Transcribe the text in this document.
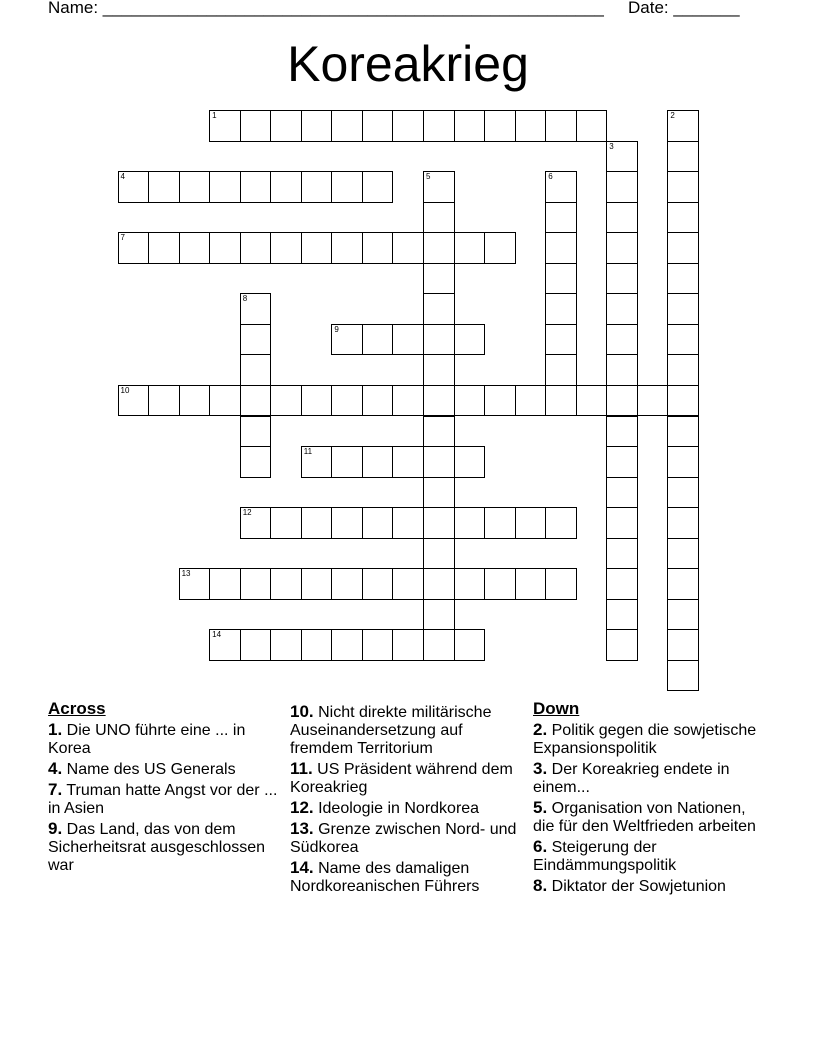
Name: _____________________________________________________ Date: _______
Koreakrieg
1	2
3
4	5	6
7
8
9
10
11
12
13
14
Across
1. Die UNO führte eine ... in Korea
4. Name des US Generals
7. Truman hatte Angst vor der ... in Asien
9. Das Land, das von dem Sicherheitsrat ausgeschlossen war
10. Nicht direkte militärische Auseinandersetzung auf fremdem Territorium
11. US Präsident während dem Koreakrieg
12. Ideologie in Nordkorea
13. Grenze zwischen Nord- und Südkorea
14. Name des damaligen Nordkoreanischen Führers
Down
2. Politik gegen die sowjetische Expansionspolitik
3. Der Koreakrieg endete in einem...
5. Organisation von Nationen, die für den Weltfrieden arbeiten
6. Steigerung der Eindämmungspolitik
8. Diktator der Sowjetunion
